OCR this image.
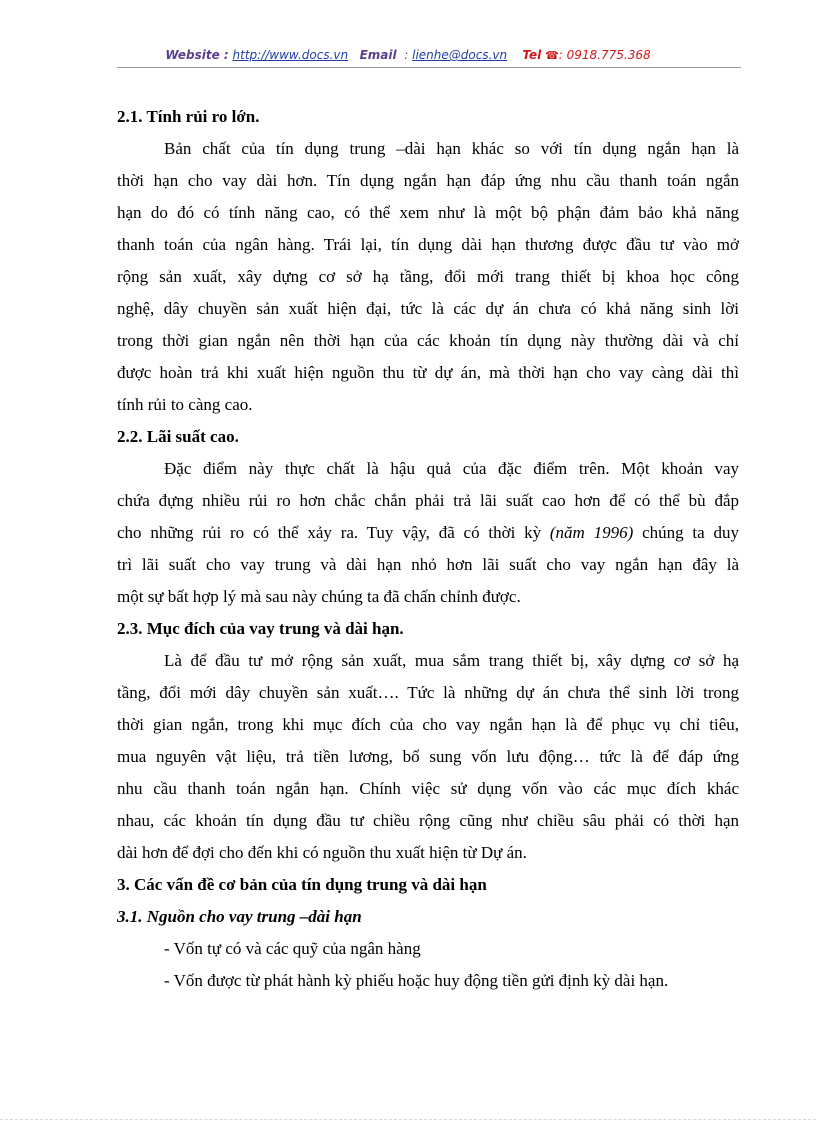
Website : http://www.docs.vn Email : lienhe@docs.vn Tel ☎: 0918.775.368
2.1. Tính rủi ro lớn.
Bản chất của tín dụng trung –dài hạn khác so với tín dụng ngắn hạn là
thời hạn cho vay dài hơn. Tín dụng ngắn hạn đáp ứng nhu cầu thanh toán ngắn
hạn do đó có tính năng cao, có thể xem như là một bộ phận đảm bảo khả năng
thanh toán của ngân hàng. Trái lại, tín dụng dài hạn thương được đầu tư vào mở
rộng sản xuất, xây dựng cơ sở hạ tầng, đổi mới trang thiết bị khoa học công
nghệ, dây chuyền sản xuất hiện đại, tức là các dự án chưa có khả năng sinh lời
trong thời gian ngắn nên thời hạn của các khoản tín dụng này thường dài và chỉ
được hoàn trả khi xuất hiện nguồn thu từ dự án, mà thời hạn cho vay càng dài thì
tính rủi to càng cao.
2.2. Lãi suất cao.
Đặc điểm này thực chất là hậu quả của đặc điểm trên. Một khoản vay
chứa đựng nhiều rủi ro hơn chắc chắn phải trả lãi suất cao hơn để có thể bù đắp
cho những rủi ro có thể xảy ra. Tuy vậy, đã có thời kỳ (năm 1996) chúng ta duy
trì lãi suất cho vay trung và dài hạn nhỏ hơn lãi suất cho vay ngắn hạn đây là
một sự bất hợp lý mà sau này chúng ta đã chấn chỉnh được.
2.3. Mục đích của vay trung và dài hạn.
Là để đầu tư mở rộng sản xuất, mua sắm trang thiết bị, xây dựng cơ sở hạ
tầng, đổi mới dây chuyền sản xuất…. Tức là những dự án chưa thể sinh lời trong
thời gian ngắn, trong khi mục đích của cho vay ngắn hạn là để phục vụ chỉ tiêu,
mua nguyên vật liệu, trả tiền lương, bổ sung vốn lưu động… tức là để đáp ứng
nhu cầu thanh toán ngắn hạn. Chính việc sử dụng vốn vào các mục đích khác
nhau, các khoản tín dụng đầu tư chiều rộng cũng như chiều sâu phải có thời hạn
dài hơn để đợi cho đến khi có nguồn thu xuất hiện từ Dự án.
3. Các vấn đề cơ bản của tín dụng trung và dài hạn
3.1. Nguồn cho vay trung –dài hạn
- Vốn tự có và các quỹ của ngân hàng
- Vốn được từ phát hành kỳ phiếu hoặc huy động tiền gửi định kỳ dài hạn.
